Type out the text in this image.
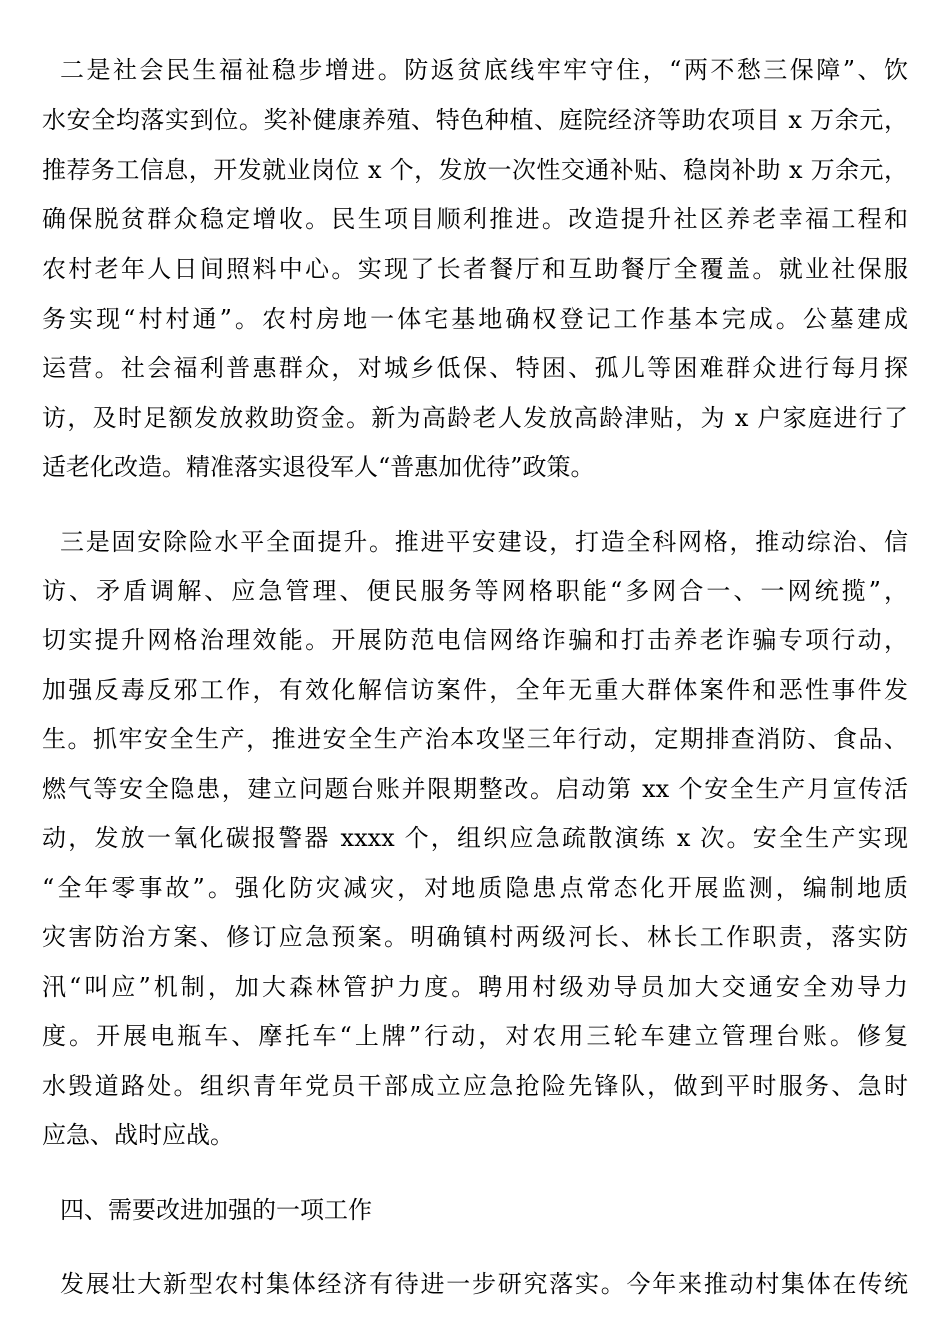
二是社会民生福祉稳步增进。防返贫底线牢牢守住，“两不愁三保障”、饮
水安全均落实到位。奖补健康养殖、特色种植、庭院经济等助农项目 x 万余元，
推荐务工信息，开发就业岗位 x 个，发放一次性交通补贴、稳岗补助 x 万余元，
确保脱贫群众稳定增收。民生项目顺利推进。改造提升社区养老幸福工程和
农村老年人日间照料中心。实现了长者餐厅和互助餐厅全覆盖。就业社保服
务实现“村村通”。农村房地一体宅基地确权登记工作基本完成。公墓建成
运营。社会福利普惠群众，对城乡低保、特困、孤儿等困难群众进行每月探
访，及时足额发放救助资金。新为高龄老人发放高龄津贴，为 x 户家庭进行了
适老化改造。精准落实退役军人“普惠加优待”政策。
三是固安除险水平全面提升。推进平安建设，打造全科网格，推动综治、信
访、矛盾调解、应急管理、便民服务等网格职能“多网合一、一网统揽”，
切实提升网格治理效能。开展防范电信网络诈骗和打击养老诈骗专项行动，
加强反毒反邪工作，有效化解信访案件，全年无重大群体案件和恶性事件发
生。抓牢安全生产，推进安全生产治本攻坚三年行动，定期排查消防、食品、
燃气等安全隐患，建立问题台账并限期整改。启动第 xx 个安全生产月宣传活
动，发放一氧化碳报警器 xxxx 个，组织应急疏散演练 x 次。安全生产实现
“全年零事故”。强化防灾减灾，对地质隐患点常态化开展监测，编制地质
灾害防治方案、修订应急预案。明确镇村两级河长、林长工作职责，落实防
汛“叫应”机制，加大森林管护力度。聘用村级劝导员加大交通安全劝导力
度。开展电瓶车、摩托车“上牌”行动，对农用三轮车建立管理台账。修复
水毁道路处。组织青年党员干部成立应急抢险先锋队，做到平时服务、急时
应急、战时应战。
四、需要改进加强的一项工作
发展壮大新型农村集体经济有待进一步研究落实。今年来推动村集体在传统
